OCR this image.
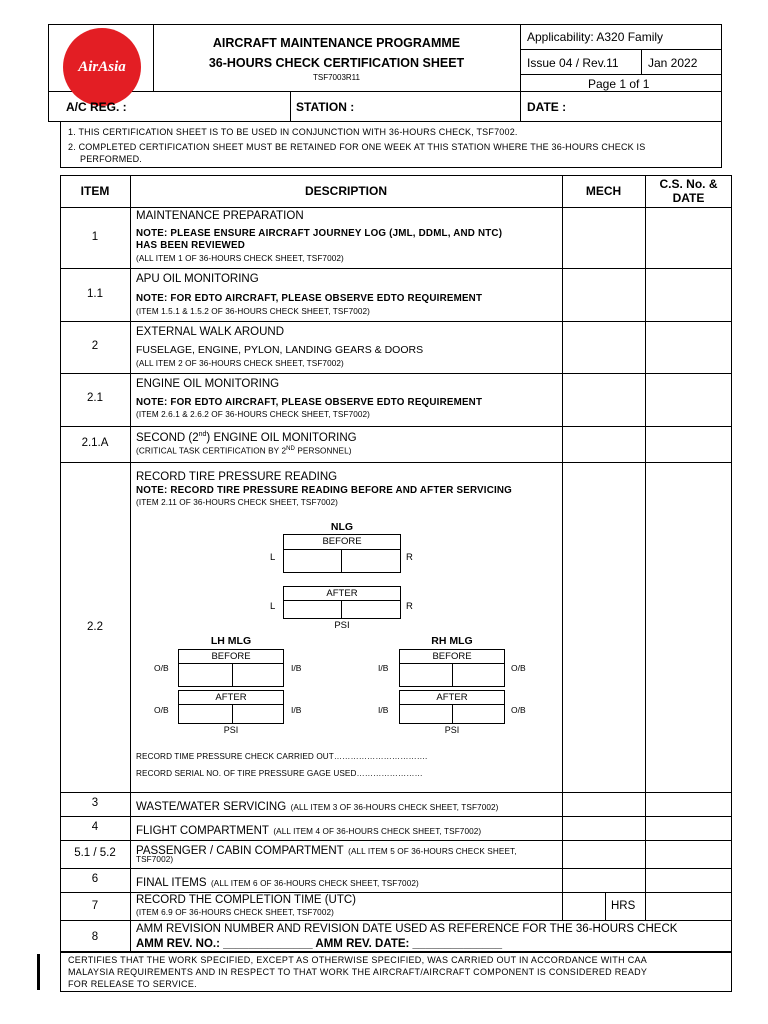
AirAsia
AIRCRAFT MAINTENANCE PROGRAMME
36-HOURS CHECK CERTIFICATION SHEET
TSF7003R11
Applicability: A320 Family
Issue 04 / Rev.11 Jan 2022
Page 1 of 1
A/C REG. :	STATION :	DATE :
1. THIS CERTIFICATION SHEET IS TO BE USED IN CONJUNCTION WITH 36-HOURS CHECK, TSF7002.
2. COMPLETED CERTIFICATION SHEET MUST BE RETAINED FOR ONE WEEK AT THIS STATION WHERE THE 36-HOURS CHECK IS
PERFORMED.
ITEM	DESCRIPTION	MECH	C.S. No. &
DATE
1
MAINTENANCE PREPARATION
NOTE: PLEASE ENSURE AIRCRAFT JOURNEY LOG (JML, DDML, AND NTC)
HAS BEEN REVIEWED
(ALL ITEM 1 OF 36-HOURS CHECK SHEET, TSF7002)
1.1
APU OIL MONITORING
NOTE: FOR EDTO AIRCRAFT, PLEASE OBSERVE EDTO REQUIREMENT
(ITEM 1.5.1 & 1.5.2 OF 36-HOURS CHECK SHEET, TSF7002)
2
EXTERNAL WALK AROUND
FUSELAGE, ENGINE, PYLON, LANDING GEARS & DOORS
(ALL ITEM 2 OF 36-HOURS CHECK SHEET, TSF7002)
2.1
ENGINE OIL MONITORING
NOTE: FOR EDTO AIRCRAFT, PLEASE OBSERVE EDTO REQUIREMENT
(ITEM 2.6.1 & 2.6.2 OF 36-HOURS CHECK SHEET, TSF7002)
2.1.A	SECOND (2nd) ENGINE OIL MONITORING
(CRITICAL TASK CERTIFICATION BY 2ND PERSONNEL)
2.2
RECORD TIRE PRESSURE READING
NOTE: RECORD TIRE PRESSURE READING BEFORE AND AFTER SERVICING
(ITEM 2.11 OF 36-HOURS CHECK SHEET, TSF7002)
NLG
BEFORE
L	R
AFTER
L	R
PSI
LH MLG
BEFORE
O/B	I/B
AFTER
O/B	I/B
PSI
RH MLG
BEFORE
I/B	O/B
AFTER
I/B	O/B
PSI
RECORD TIME PRESSURE CHECK CARRIED OUT…………………………….
RECORD SERIAL NO. OF TIRE PRESSURE GAGE USED……………………
3	WASTE/WATER SERVICING (ALL ITEM 3 OF 36-HOURS CHECK SHEET, TSF7002)
4	FLIGHT COMPARTMENT (ALL ITEM 4 OF 36-HOURS CHECK SHEET, TSF7002)
5.1 / 5.2	PASSENGER / CABIN COMPARTMENT (ALL ITEM 5 OF 36-HOURS CHECK SHEET,
TSF7002)
6	FINAL ITEMS (ALL ITEM 6 OF 36-HOURS CHECK SHEET, TSF7002)
7	RECORD THE COMPLETION TIME (UTC)
(ITEM 6.9 OF 36-HOURS CHECK SHEET, TSF7002)
HRS
8
AMM REVISION NUMBER AND REVISION DATE USED AS REFERENCE FOR THE 36-HOURS CHECK
AMM REV. NO.: ______________ AMM REV. DATE: ______________
CERTIFIES THAT THE WORK SPECIFIED, EXCEPT AS OTHERWISE SPECIFIED, WAS CARRIED OUT IN ACCORDANCE WITH CAA
MALAYSIA REQUIREMENTS AND IN RESPECT TO THAT WORK THE AIRCRAFT/AIRCRAFT COMPONENT IS CONSIDERED READY
FOR RELEASE TO SERVICE.
